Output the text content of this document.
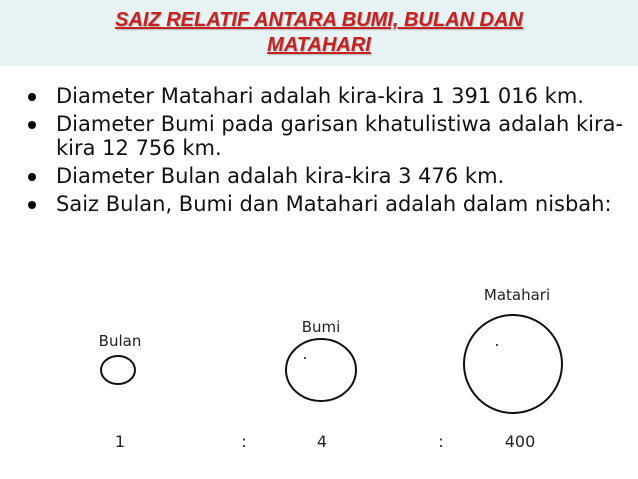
SAIZ RELATIF ANTARA BUMI, BULAN DAN
MATAHARI
Diameter Matahari adalah kira-kira 1 391 016 km.
Diameter Bumi pada garisan khatulistiwa adalah kira-kira 12 756 km.
Diameter Bulan adalah kira-kira 3 476 km.
Saiz Bulan, Bumi dan Matahari adalah dalam nisbah:
Bulan
Bumi
Matahari
1	:	4	:	400
